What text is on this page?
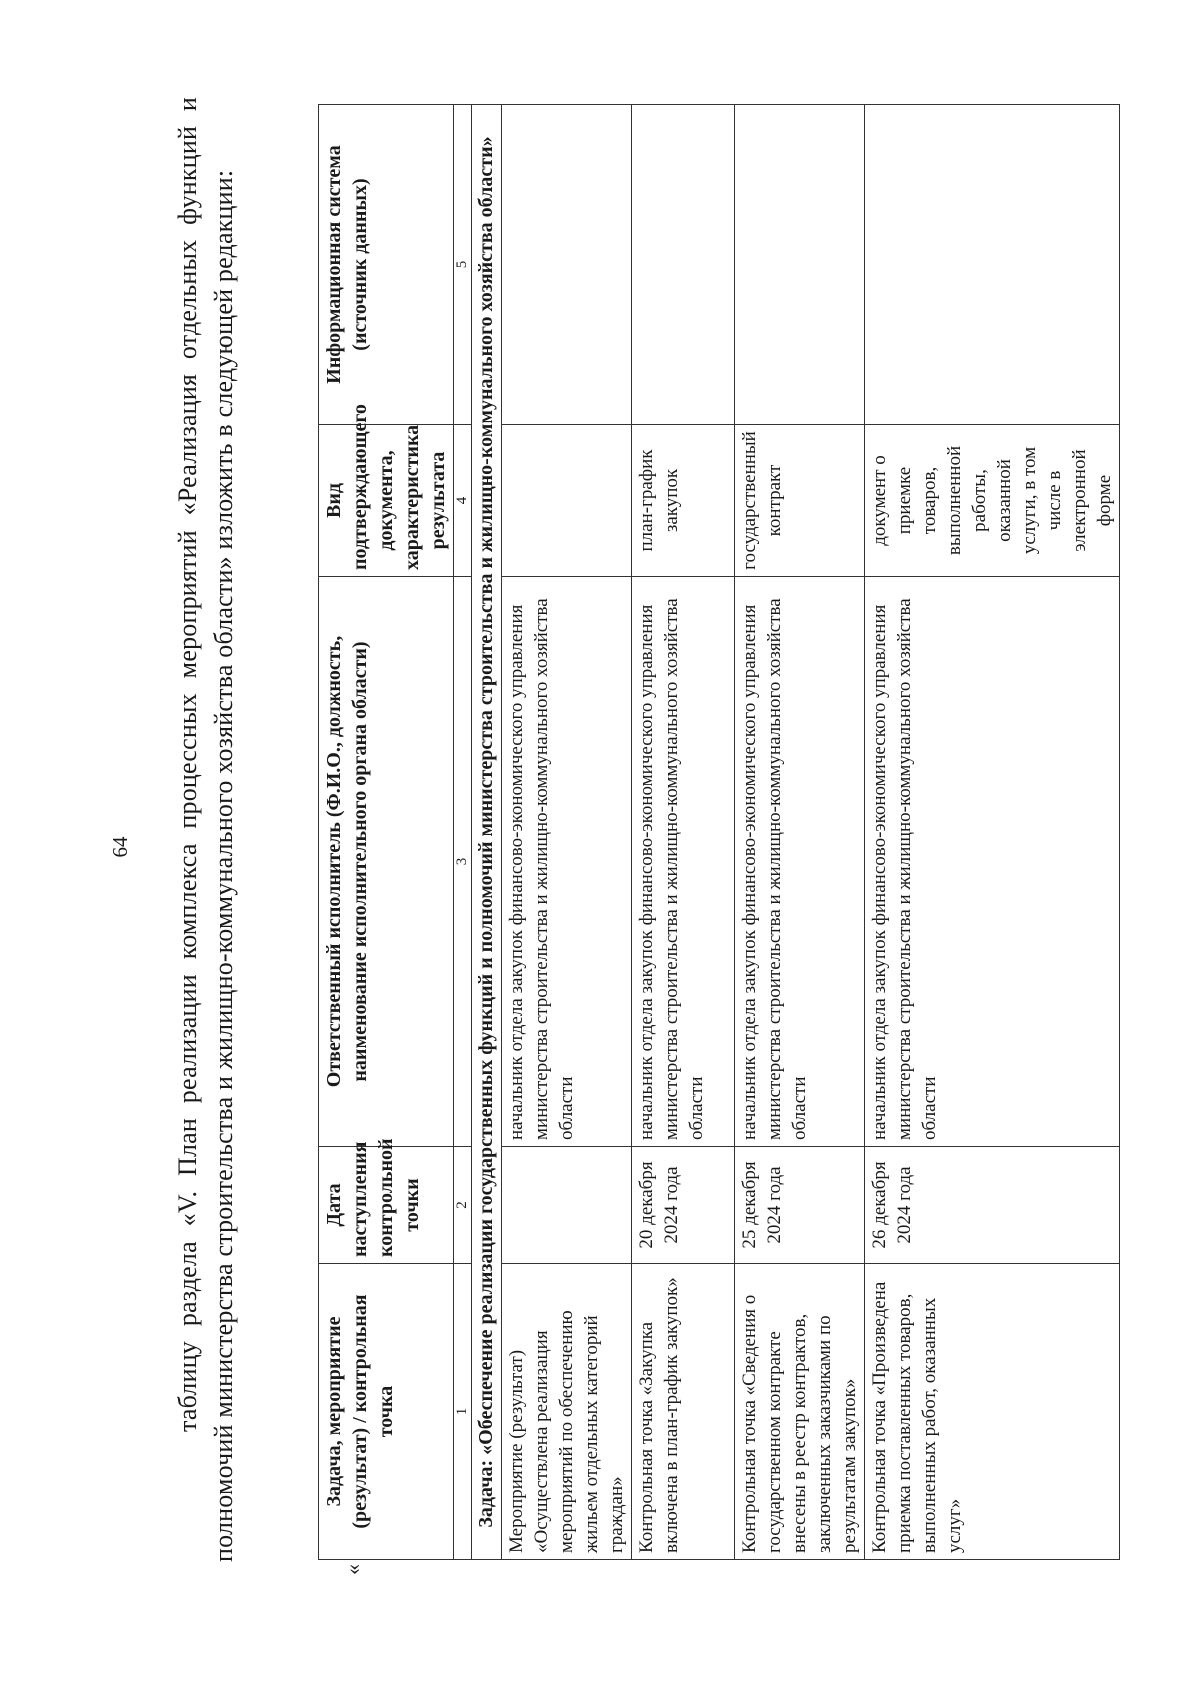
64 таблицу раздела «V. План реализации комплекса процессных мероприятий «Реализация отдельных функций и полномочий министерства строительства и жилищно-коммунального хозяйства области» изложить в следующей редакции:

«
Задача, мероприятие (результат) / контрольная точка	Дата наступления контрольной точки	Ответственный исполнитель (Ф.И.О., должность, наименование исполнительного органа области)	Вид подтверждающего документа, характеристика результата	Информационная система (источник данных)
1	2	3	4	5
Задача: «Обеспечение реализации государственных функций и полномочий министерства строительства и жилищно-коммунального хозяйства области»				
Мероприятие (результат) «Осуществлена реализация мероприятий по обеспечению жильем отдельных категорий граждан»		начальник отдела закупок финансово-экономического управления министерства строительства и жилищно-коммунального хозяйства области		
Контрольная точка «Закупка включена в план-график закупок»	20 декабря 2024 года	начальник отдела закупок финансово-экономического управления министерства строительства и жилищно-коммунального хозяйства области	план-график закупок	
Контрольная точка «Сведения о государственном контракте внесены в реестр контрактов, заключенных заказчиками по результатам закупок»	25 декабря 2024 года	начальник отдела закупок финансово-экономического управления министерства строительства и жилищно-коммунального хозяйства области	государственный контракт	
Контрольная точка «Произведена приемка поставленных товаров, выполненных работ, оказанных услуг»	26 декабря 2024 года	начальник отдела закупок финансово-экономического управления министерства строительства и жилищно-коммунального хозяйства области	документ о приемке товаров, выполненной работы, оказанной услуги, в том числе в электронной форме	
